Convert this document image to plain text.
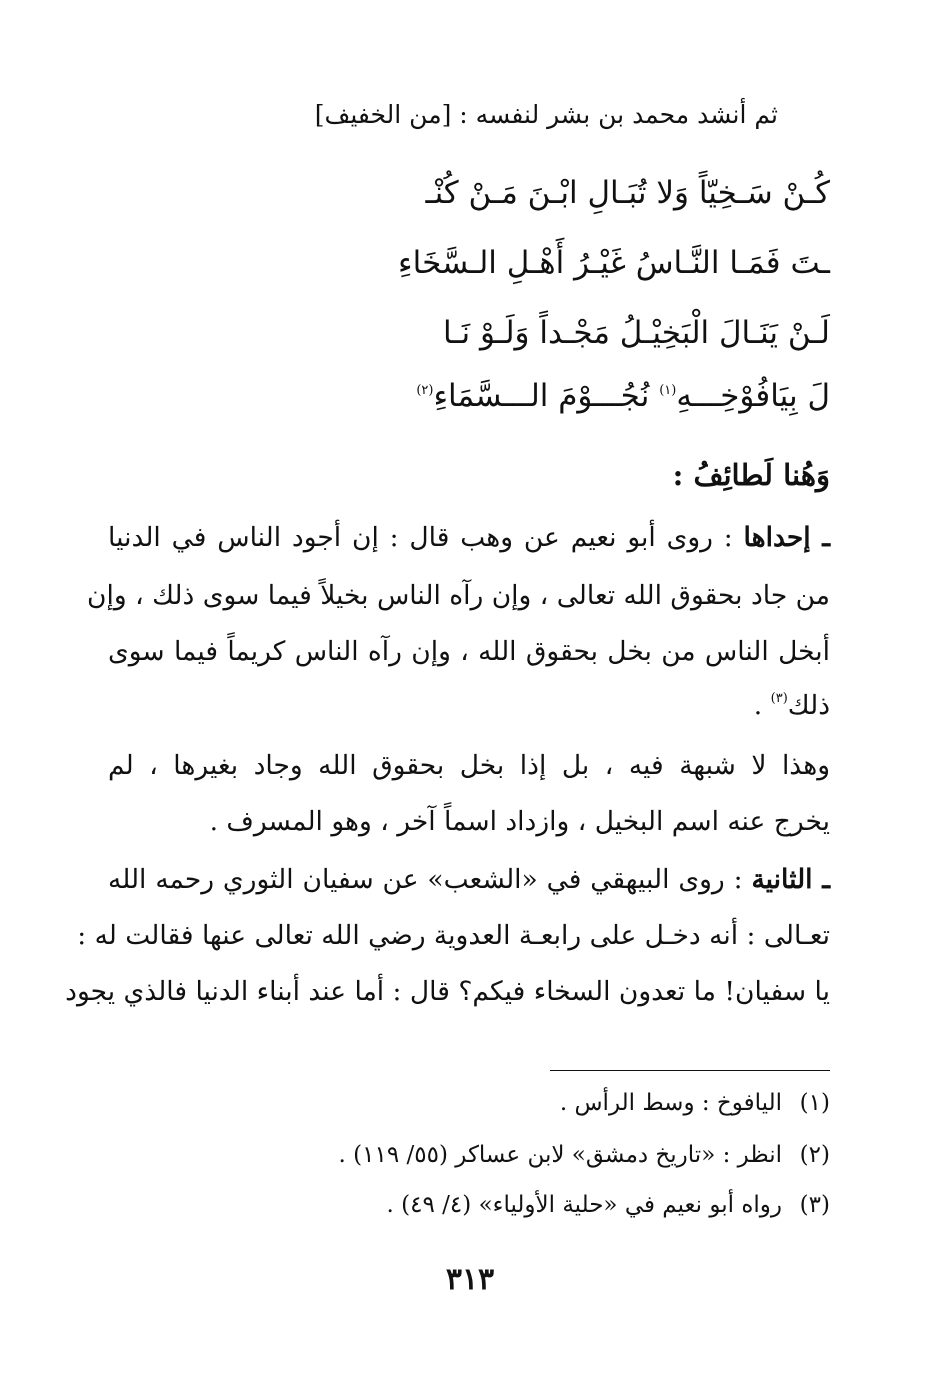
ثم أنشد محمد بن بشر لنفسه : [من الخفيف]
كُـنْ سَـخِيّاً وَلا تُبَـالِ ابْـنَ مَـنْ كُنْـ
ـتَ فَمَـا النَّـاسُ غَيْـرُ أَهْـلِ الـسَّخَاءِ
لَـنْ يَنَـالَ الْبَخِيْـلُ مَجْـداً وَلَـوْ نَـا
لَ بِيَافُوْخِـــهِ$^{(١)}$ نُجُـــوْمَ الـــسَّمَاءِ$^{(٢)}$
وَهُنا لَطائِفُ :
ـ إحداها : روى أبو نعيم عن وهب قال : إن أجود الناس في الدنيا
من جاد بحقوق الله تعالى ، وإن رآه الناس بخيلاً فيما سوى ذلك ، وإن
أبخل الناس من بخل بحقوق الله ، وإن رآه الناس كريماً فيما سوى
ذلك$^{(٣)}$ .
وهذا لا شبهة فيه ، بل إذا بخل بحقوق الله وجاد بغيرها ، لم
يخرج عنه اسم البخيل ، وازداد اسماً آخر ، وهو المسرف .
ـ الثانية : روى البيهقي في «الشعب» عن سفيان الثوري رحمه الله
تعـالى : أنه دخـل على رابعـة العدوية رضي الله تعالى عنها فقالت له :
يا سفيان! ما تعدون السخاء فيكم؟ قال : أما عند أبناء الدنيا فالذي يجود
(١)اليافوخ : وسط الرأس .
(٢)انظر : «تاريخ دمشق» لابن عساكر (٥٥/ ١١٩) .
(٣)رواه أبو نعيم في «حلية الأولياء» (٤/ ٤٩) .
٣١٣
